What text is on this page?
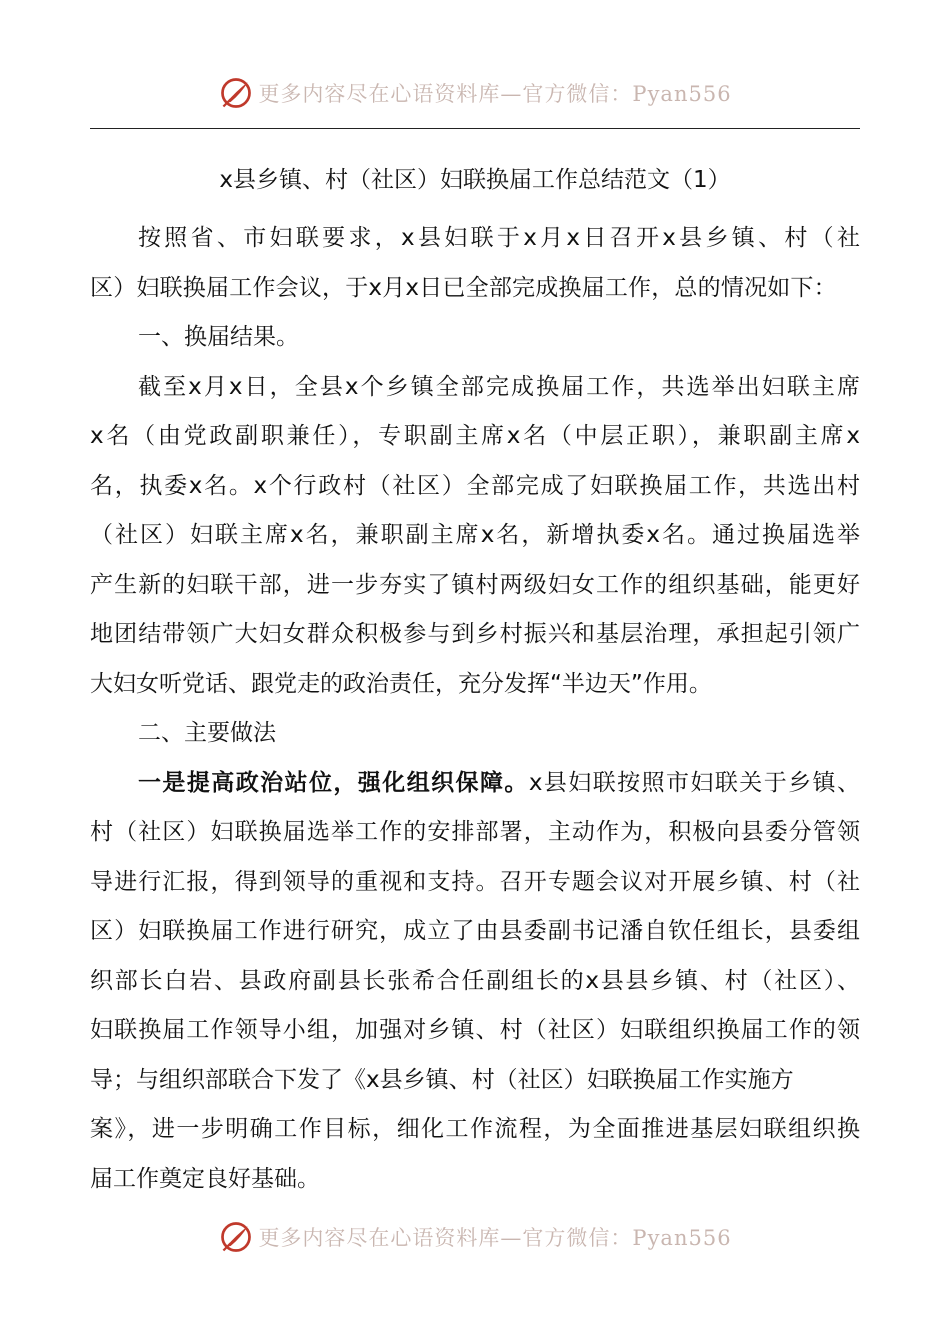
更多内容尽在心语资料库—官方微信：Pyan556
x县乡镇、村（社区）妇联换届工作总结范文（1）
按照省、市妇联要求，x县妇联于x月x日召开x县乡镇、村（社
区）妇联换届工作会议，于x月x日已全部完成换届工作，总的情况如下：
一、换届结果。
截至x月x日，全县x个乡镇全部完成换届工作，共选举出妇联主席
x名（由党政副职兼任），专职副主席x名（中层正职），兼职副主席x
名，执委x名。x个行政村（社区）全部完成了妇联换届工作，共选出村
（社区）妇联主席x名，兼职副主席x名，新增执委x名。通过换届选举
产生新的妇联干部，进一步夯实了镇村两级妇女工作的组织基础，能更好
地团结带领广大妇女群众积极参与到乡村振兴和基层治理，承担起引领广
大妇女听党话、跟党走的政治责任，充分发挥“半边天”作用。
二、主要做法
一是提高政治站位，强化组织保障。x县妇联按照市妇联关于乡镇、
村（社区）妇联换届选举工作的安排部署，主动作为，积极向县委分管领
导进行汇报，得到领导的重视和支持。召开专题会议对开展乡镇、村（社
区）妇联换届工作进行研究，成立了由县委副书记潘自钦任组长，县委组
织部长白岩、县政府副县长张希合任副组长的x县县乡镇、村（社区）、
妇联换届工作领导小组，加强对乡镇、村（社区）妇联组织换届工作的领
导；与组织部联合下发了《x县乡镇、村（社区）妇联换届工作实施方
案》，进一步明确工作目标，细化工作流程，为全面推进基层妇联组织换
届工作奠定良好基础。
更多内容尽在心语资料库—官方微信：Pyan556
